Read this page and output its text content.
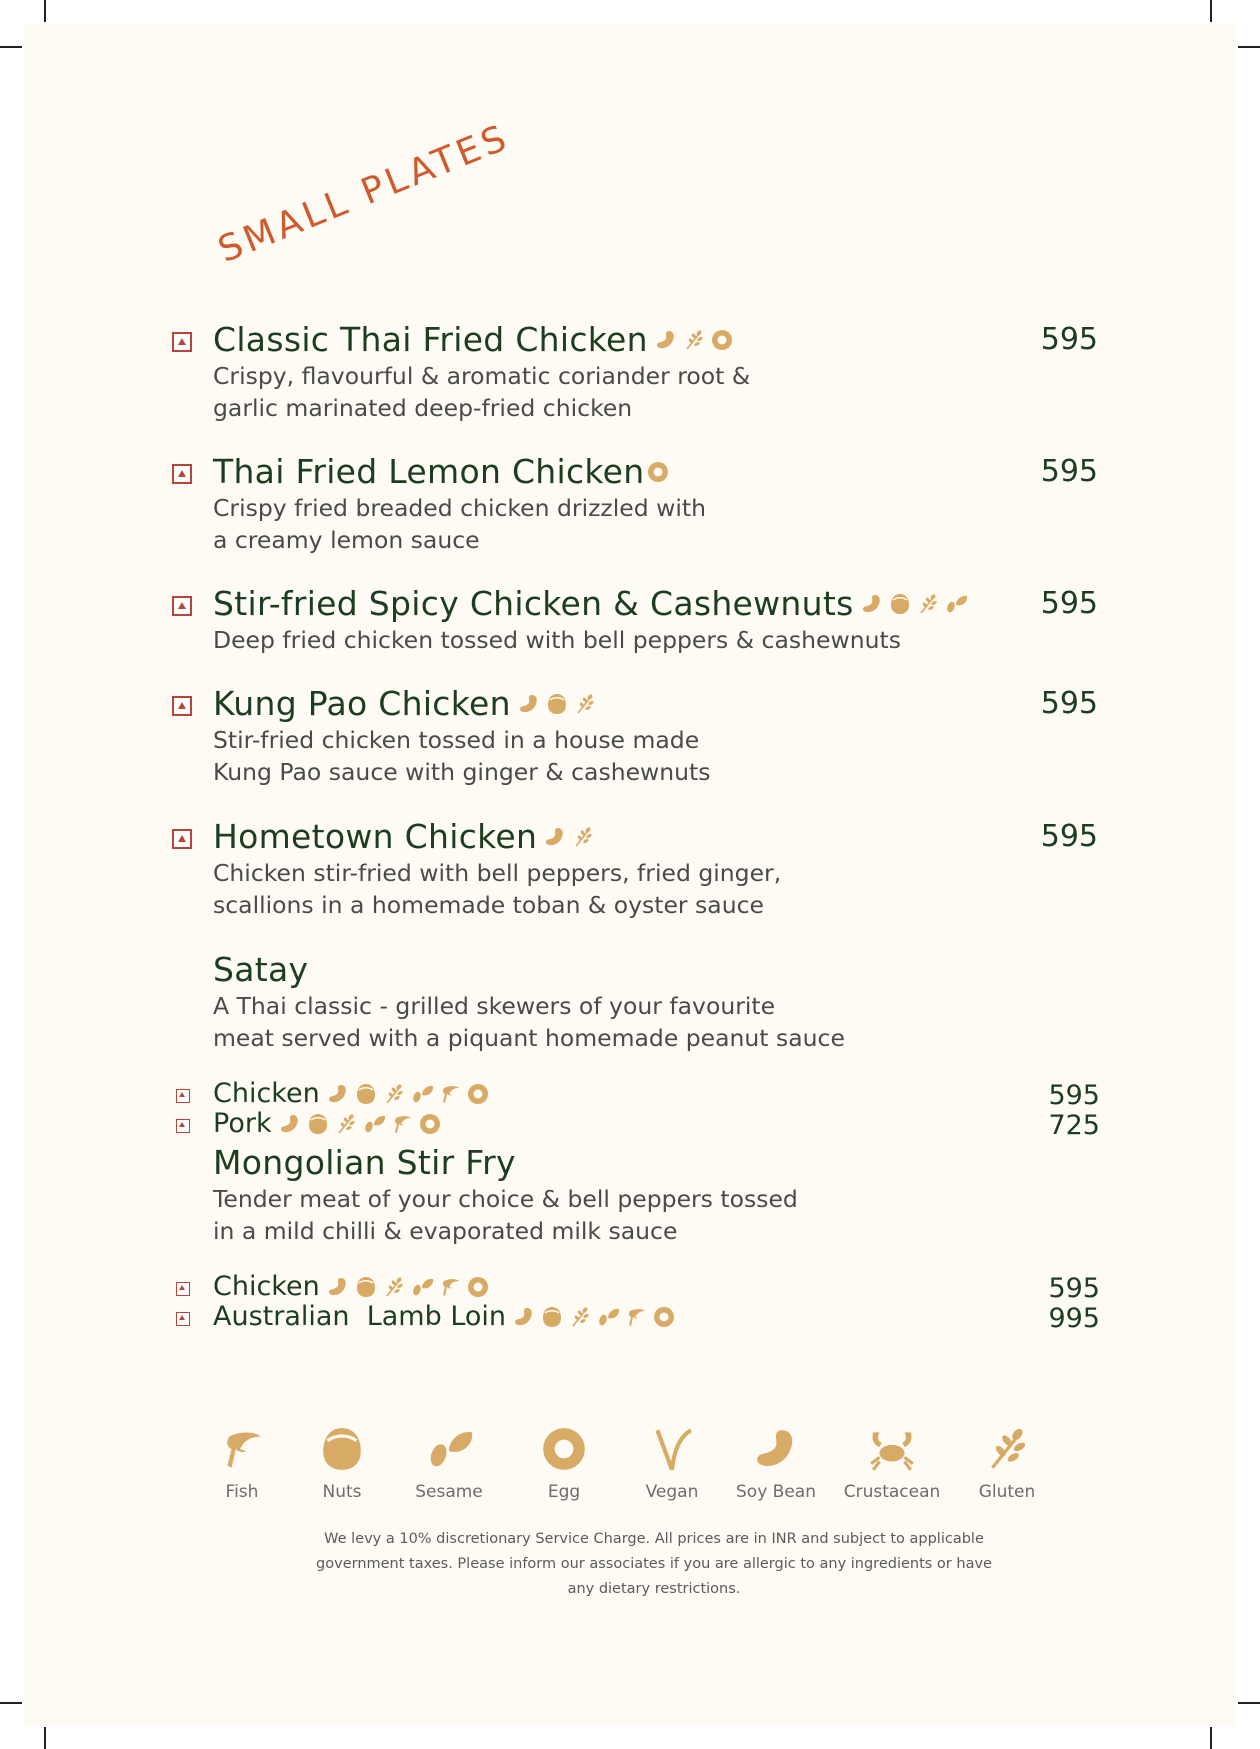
SMALL PLATES
Classic Thai Fried Chicken	595
Crispy, flavourful & aromatic coriander root &
garlic marinated deep-fried chicken
Thai Fried Lemon Chicken	595
Crispy fried breaded chicken drizzled with
a creamy lemon sauce
Stir-fried Spicy Chicken & Cashewnuts	595
Deep fried chicken tossed with bell peppers & cashewnuts
Kung Pao Chicken	595
Stir-fried chicken tossed in a house made
Kung Pao sauce with ginger & cashewnuts
Hometown Chicken	595
Chicken stir-fried with bell peppers, fried ginger,
scallions in a homemade toban & oyster sauce
Satay
A Thai classic - grilled skewers of your favourite
meat served with a piquant homemade peanut sauce
Chicken	595
Pork	725
Mongolian Stir Fry
Tender meat of your choice & bell peppers tossed
in a mild chilli & evaporated milk sauce
Chicken	595
Australian  Lamb Loin	995
Fish	Nuts	Sesame	Egg	Vegan	Soy Bean	Crustacean	Gluten
We levy a 10% discretionary Service Charge. All prices are in INR and subject to applicable
government taxes. Please inform our associates if you are allergic to any ingredients or have
any dietary restrictions.
